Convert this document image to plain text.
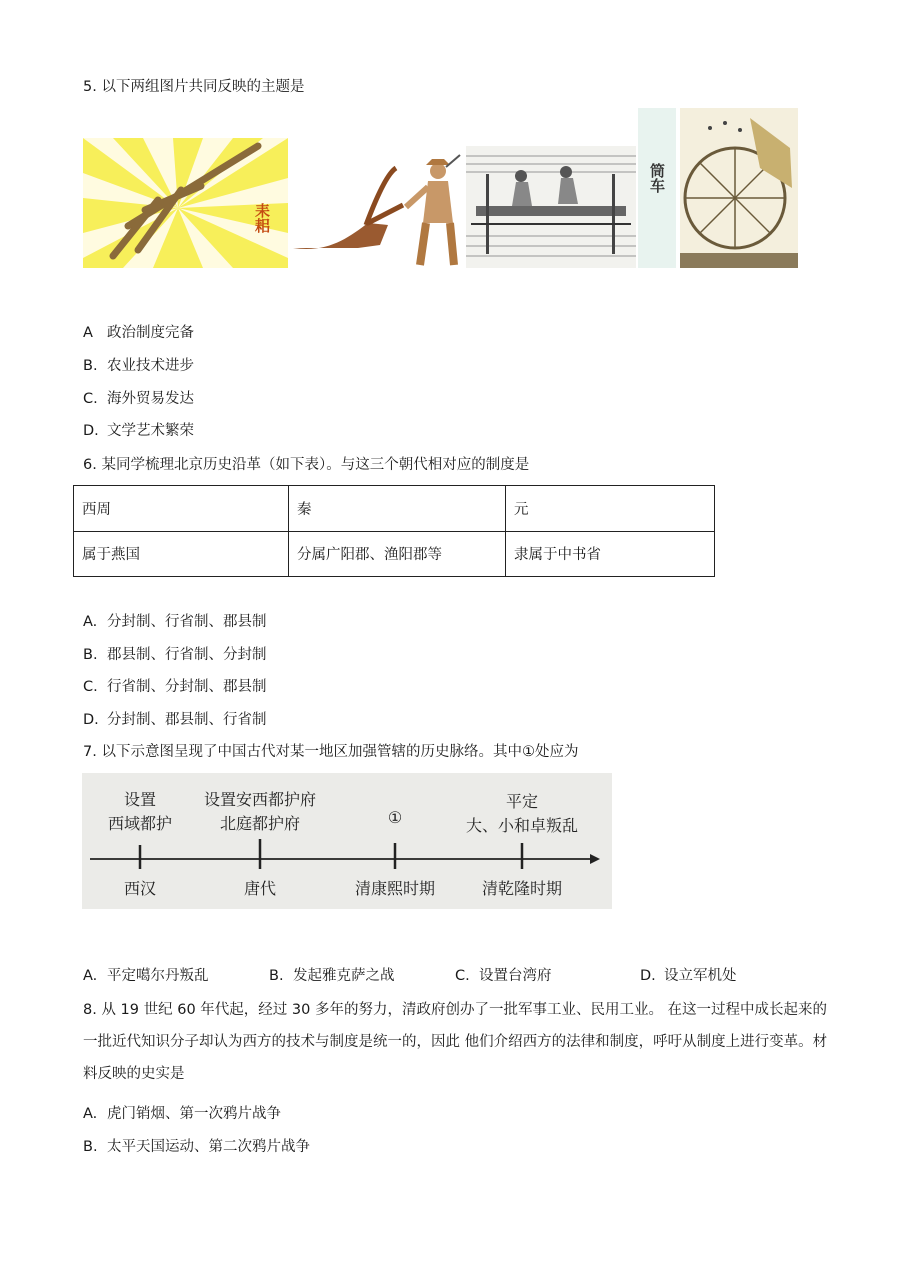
5. 以下两组图片共同反映的主题是
耒耜
筒车
A 政治制度完备
B. 农业技术进步
C. 海外贸易发达
D. 文学艺术繁荣
6. 某同学梳理北京历史沿革（如下表）。与这三个朝代相对应的制度是
西周	秦	元
属于燕国	分属广阳郡、渔阳郡等	隶属于中书省
A. 分封制、行省制、郡县制
B. 郡县制、行省制、分封制
C. 行省制、分封制、郡县制
D. 分封制、郡县制、行省制
7. 以下示意图呈现了中国古代对某一地区加强管辖的历史脉络。其中①处应为
设置
西域都护
西汉
设置安西都护府
北庭都护府
唐代
①
清康熙时期
平定
大、小和卓叛乱
清乾隆时期
A. 平定噶尔丹叛乱	B. 发起雅克萨之战	C. 设置台湾府	D. 设立军机处
8. 从 19 世纪 60 年代起，经过 30 多年的努力，清政府创办了一批军事工业、民用工业。 在这一过程中成长起来的一批近代知识分子却认为西方的技术与制度是统一的，因此 他们介绍西方的法律和制度，呼吁从制度上进行变革。材料反映的史实是
A. 虎门销烟、第一次鸦片战争
B. 太平天国运动、第二次鸦片战争
